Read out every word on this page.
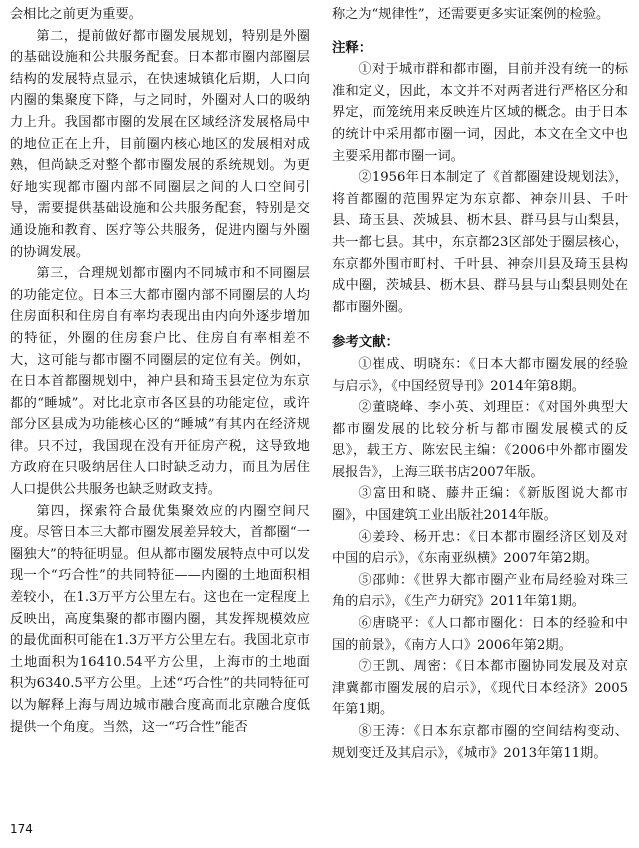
会相比之前更为重要。

第二，提前做好都市圈发展规划，特别是外圈的基础设施和公共服务配套。日本都市圈内部圈层结构的发展特点显示，在快速城镇化后期，人口向内圈的集聚度下降，与之同时，外圈对人口的吸纳力上升。我国都市圈的发展在区域经济发展格局中的地位正在上升，目前圈内核心地区的发展相对成熟，但尚缺乏对整个都市圈发展的系统规划。为更好地实现都市圈内部不同圈层之间的人口空间引导，需要提供基础设施和公共服务配套，特别是交通设施和教育、医疗等公共服务，促进内圈与外圈的协调发展。

第三，合理规划都市圈内不同城市和不同圈层的功能定位。日本三大都市圈内部不同圈层的人均住房面积和住房自有率均表现出由内向外逐步增加的特征，外圈的住房套户比、住房自有率相差不大，这可能与都市圈不同圈层的定位有关。例如，在日本首都圈规划中，神户县和琦玉县定位为东京都的“睡城”。对比北京市各区县的功能定位，或许部分区县成为功能核心区的“睡城”有其内在经济规律。只不过，我国现在没有开征房产税，这导致地方政府在只吸纳居住人口时缺乏动力，而且为居住人口提供公共服务也缺乏财政支持。

第四，探索符合最优集聚效应的内圈空间尺度。尽管日本三大都市圈发展差异较大，首都圈“一圈独大”的特征明显。但从都市圈发展特点中可以发现一个“巧合性”的共同特征——内圈的土地面积相差较小，在1.3万平方公里左右。这也在一定程度上反映出，高度集聚的都市圈内圈，其发挥规模效应的最优面积可能在1.3万平方公里左右。我国北京市土地面积为16410.54平方公里，上海市的土地面积为6340.5平方公里。上述“巧合性”的共同特征可以为解释上海与周边城市融合度高而北京融合度低提供一个角度。当然，这一“巧合性”能否

称之为“规律性”，还需要更多实证案例的检验。

注释：

①对于城市群和都市圈，目前并没有统一的标准和定义，因此，本文并不对两者进行严格区分和界定，而笼统用来反映连片区域的概念。由于日本的统计中采用都市圈一词，因此，本文在全文中也主要采用都市圈一词。

②1956年日本制定了《首都圈建设规划法》，将首都圈的范围界定为东京都、神奈川县、千叶县、琦玉县、茨城县、枥木县、群马县与山梨县，共一都七县。其中，东京都23区部处于圈层核心，东京都外围市町村、千叶县、神奈川县及琦玉县构成中圈，茨城县、枥木县、群马县与山梨县则处在都市圈外圈。

参考文献：

①崔成、明晓东：《日本大都市圈发展的经验与启示》，《中国经贸导刊》2014年第8期。

②董晓峰、李小英、刘理臣：《对国外典型大都市圈发展的比较分析与都市圈发展模式的反思》，载王方、陈宏民主编：《2006中外都市圈发展报告》，上海三联书店2007年版。

③富田和晓、藤井正编：《新版图说大都市圈》，中国建筑工业出版社2014年版。

④姜玲、杨开忠：《日本都市圈经济区划及对中国的启示》，《东南亚纵横》2007年第2期。

⑤邵帅：《世界大都市圈产业布局经验对珠三角的启示》，《生产力研究》2011年第1期。

⑥唐晓平：《人口都市圈化：日本的经验和中国的前景》，《南方人口》2006年第2期。

⑦王凯、周密：《日本都市圈协同发展及对京津冀都市圈发展的启示》，《现代日本经济》2005年第1期。

⑧王涛：《日本东京都市圈的空间结构变动、规划变迁及其启示》，《城市》2013年第11期。

174
